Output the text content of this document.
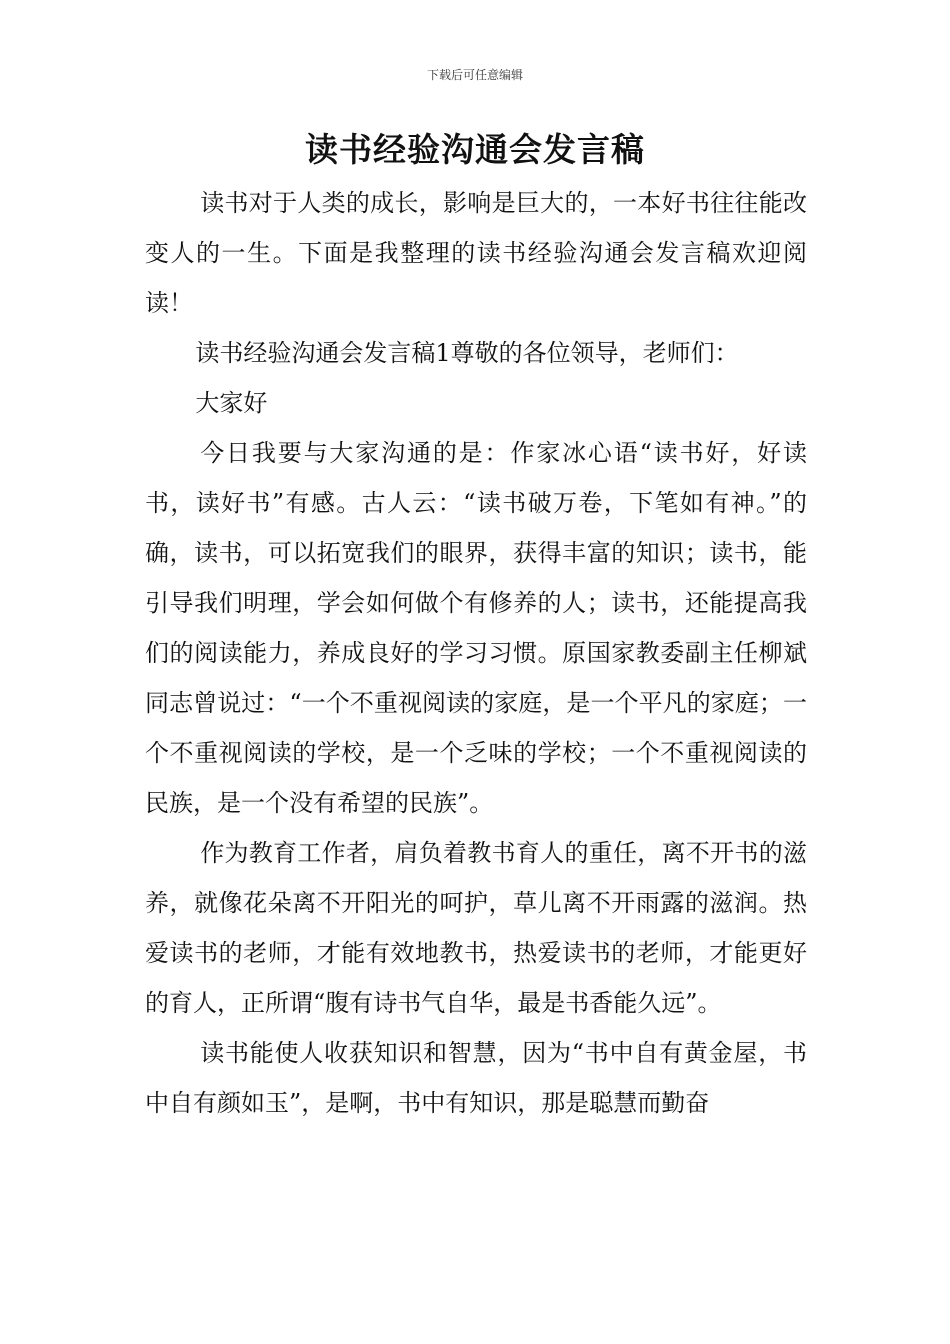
下载后可任意编辑
读书经验沟通会发言稿

读书对于人类的成长，影响是巨大的，一本好书往往能改变人的一生。下面是我整理的读书经验沟通会发言稿欢迎阅读！

读书经验沟通会发言稿1尊敬的各位领导，老师们：

大家好

今日我要与大家沟通的是：作家冰心语“读书好，好读书，读好书”有感。古人云：“读书破万卷，下笔如有神。”的确，读书，可以拓宽我们的眼界，获得丰富的知识；读书，能引导我们明理，学会如何做个有修养的人；读书，还能提高我们的阅读能力，养成良好的学习习惯。原国家教委副主任柳斌同志曾说过：“一个不重视阅读的家庭，是一个平凡的家庭；一个不重视阅读的学校，是一个乏味的学校；一个不重视阅读的民族，是一个没有希望的民族”。

作为教育工作者，肩负着教书育人的重任，离不开书的滋养，就像花朵离不开阳光的呵护，草儿离不开雨露的滋润。热爱读书的老师，才能有效地教书，热爱读书的老师，才能更好的育人，正所谓“腹有诗书气自华，最是书香能久远”。

读书能使人收获知识和智慧，因为“书中自有黄金屋，书中自有颜如玉”，是啊，书中有知识，那是聪慧而勤奋
